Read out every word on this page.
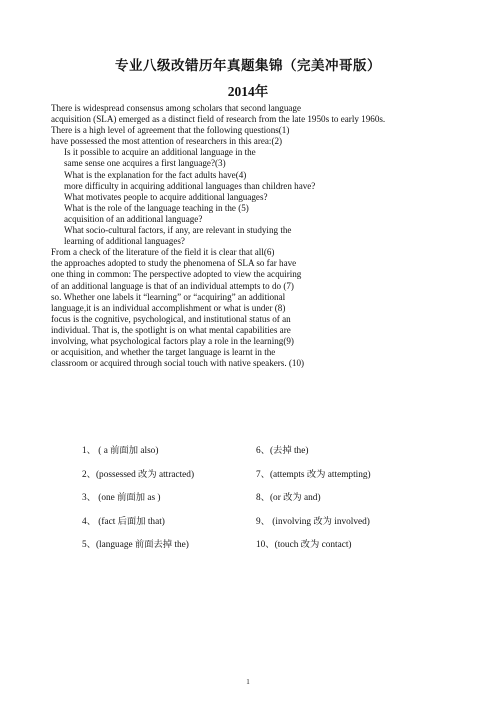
专业八级改错历年真题集锦（完美冲哥版）
2014年
There is widespread consensus among scholars that second language
acquisition (SLA) emerged as a distinct field of research from the late 1950s to early 1960s.
There is a high level of agreement that the following questions(1)
have possessed the most attention of researchers in this area:(2)
Is it possible to acquire an additional language in the
same sense one acquires a first language?(3)
What is the explanation for the fact adults have(4)
more difficulty in acquiring additional languages than children have?
What motivates people to acquire additional languages?
What is the role of the language teaching in the (5)
acquisition of an additional language?
What socio-cultural factors, if any, are relevant in studying the
learning of additional languages?
From a check of the literature of the field it is clear that all(6)
the approaches adopted to study the phenomena of SLA so far have
one thing in common: The perspective adopted to view the acquiring
of an additional language is that of an individual attempts to do (7)
so. Whether one labels it “learning” or “acquiring” an additional
language,it is an individual accomplishment or what is under (8)
focus is the cognitive, psychological, and institutional status of an
individual. That is, the spotlight is on what mental capabilities are
involving, what psychological factors play a role in the learning(9)
or acquisition, and whether the target language is learnt in the
classroom or acquired through social touch with native speakers. (10)
1、 ( a 前面加 also)	6、(去掉 the)
2、(possessed 改为 attracted)	7、(attempts 改为 attempting)
3、 (one 前面加 as )	8、(or 改为 and)
4、 (fact 后面加 that)	9、 (involving 改为 involved)
5、(language 前面去掉 the)	10、(touch 改为 contact)
1
